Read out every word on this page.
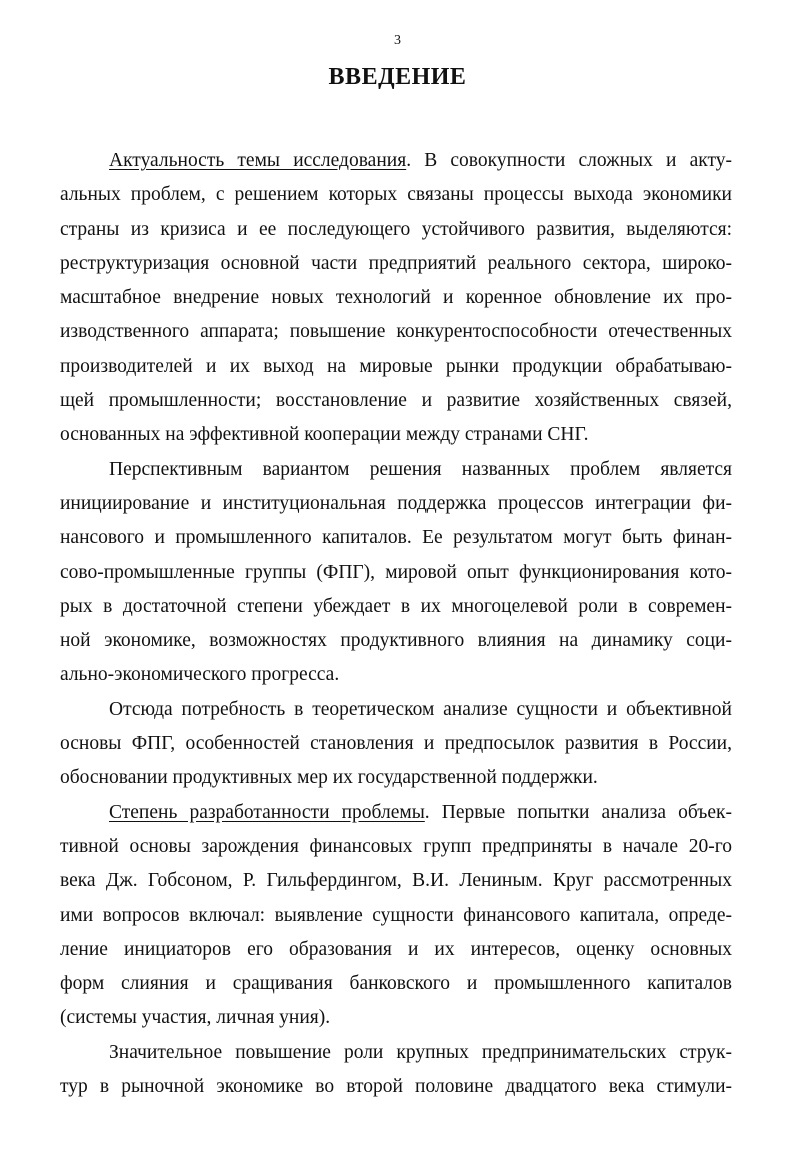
3
ВВЕДЕНИЕ
Актуальность темы исследования. В совокупности сложных и акту-
альных проблем, с решением которых связаны процессы выхода экономики
страны из кризиса и ее последующего устойчивого развития, выделяются:
реструктуризация основной части предприятий реального сектора, широко-
масштабное внедрение новых технологий и коренное обновление их про-
изводственного аппарата; повышение конкурентоспособности отечественных
производителей и их выход на мировые рынки продукции обрабатываю-
щей промышленности; восстановление и развитие хозяйственных связей,
основанных на эффективной кооперации между странами СНГ.
Перспективным вариантом решения названных проблем является
инициирование и институциональная поддержка процессов интеграции фи-
нансового и промышленного капиталов. Ее результатом могут быть финан-
сово-промышленные группы (ФПГ), мировой опыт функционирования кото-
рых в достаточной степени убеждает в их многоцелевой роли в современ-
ной экономике, возможностях продуктивного влияния на динамику соци-
ально-экономического прогресса.
Отсюда потребность в теоретическом анализе сущности и объективной
основы ФПГ, особенностей становления и предпосылок развития в России,
обосновании продуктивных мер их государственной поддержки.
Степень разработанности проблемы. Первые попытки анализа объек-
тивной основы зарождения финансовых групп предприняты в начале 20-го
века Дж. Гобсоном, Р. Гильфердингом, В.И. Лениным. Круг рассмотренных
ими вопросов включал: выявление сущности финансового капитала, опреде-
ление инициаторов его образования и их интересов, оценку основных
форм слияния и сращивания банковского и промышленного капиталов
(системы участия, личная уния).
Значительное повышение роли крупных предпринимательских струк-
тур в рыночной экономике во второй половине двадцатого века стимули-
